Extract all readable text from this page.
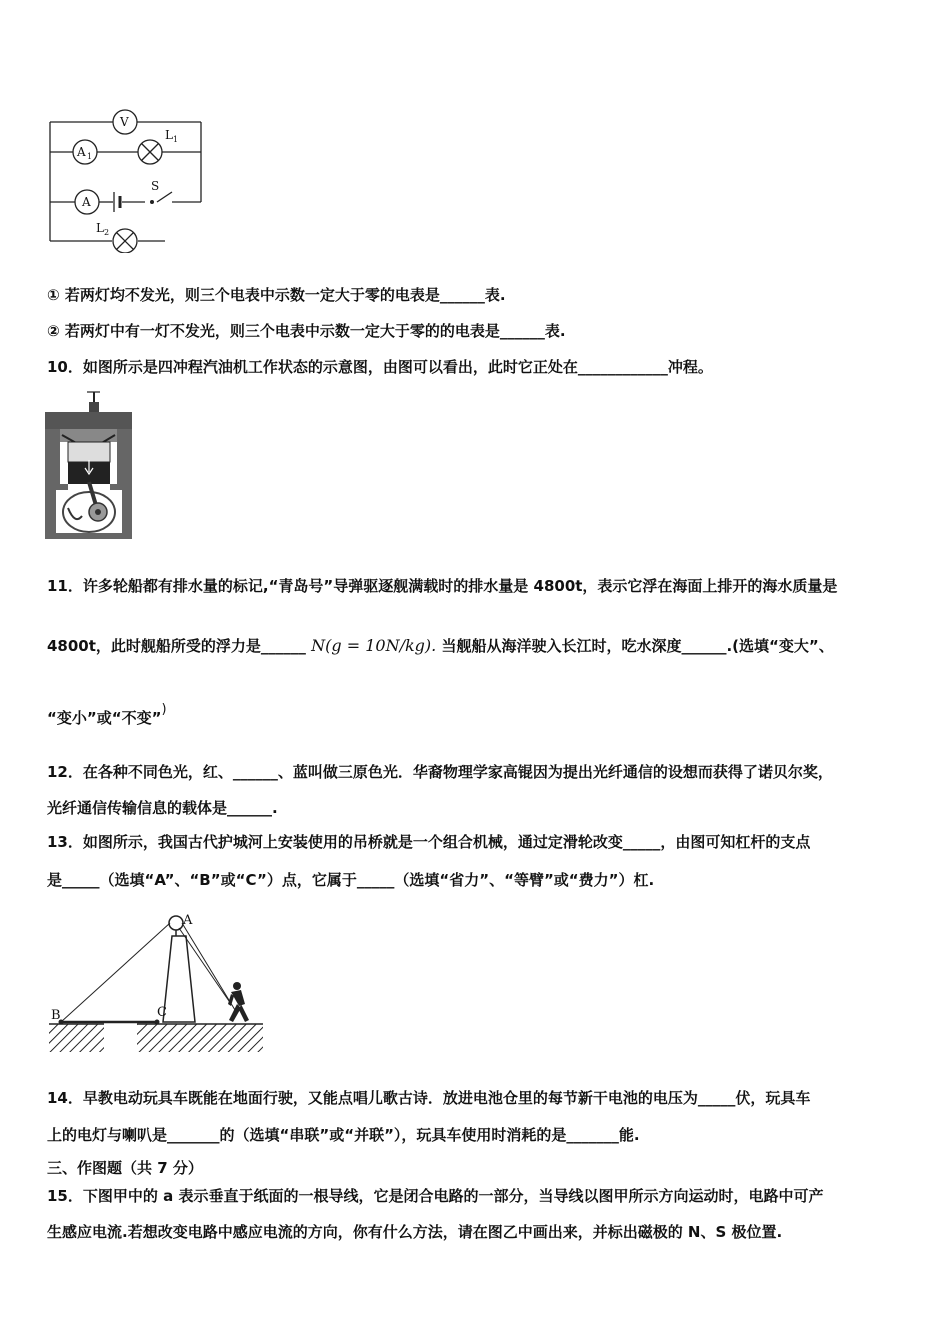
V
A 1
L 1
A
S
L 2
① 若两灯均不发光，则三个电表中示数一定大于零的电表是______表.
② 若两灯中有一灯不发光，则三个电表中示数一定大于零的的电表是______表.
10．如图所示是四冲程汽油机工作状态的示意图，由图可以看出，此时它正处在____________冲程。
11．许多轮船都有排水量的标记,“青岛号”导弹驱逐舰满载时的排水量是 4800t，表示它浮在海面上排开的海水质量是
4800t，此时舰船所受的浮力是______ N(g = 10N/kg). 当舰船从海洋驶入长江时，吃水深度______.(选填“变大”、
“变小”或“不变”)
12．在各种不同色光，红、______、蓝叫做三原色光．华裔物理学家高锟因为提出光纤通信的设想而获得了诺贝尔奖，
光纤通信传输信息的载体是______.
13．如图所示，我国古代护城河上安装使用的吊桥就是一个组合机械，通过定滑轮改变_____，由图可知杠杆的支点
是_____（选填“A”、“B”或“C”）点，它属于_____（选填“省力”、“等臂”或“费力”）杠.
A
B	C
14．早教电动玩具车既能在地面行驶，又能点唱儿歌古诗．放进电池仓里的每节新干电池的电压为_____伏，玩具车
上的电灯与喇叭是_______的（选填“串联”或“并联”），玩具车使用时消耗的是_______能.
三、作图题（共 7 分）
15．下图甲中的 a 表示垂直于纸面的一根导线，它是闭合电路的一部分，当导线以图甲所示方向运动时，电路中可产
生感应电流.若想改变电路中感应电流的方向，你有什么方法，请在图乙中画出来，并标出磁极的 N、S 极位置.
